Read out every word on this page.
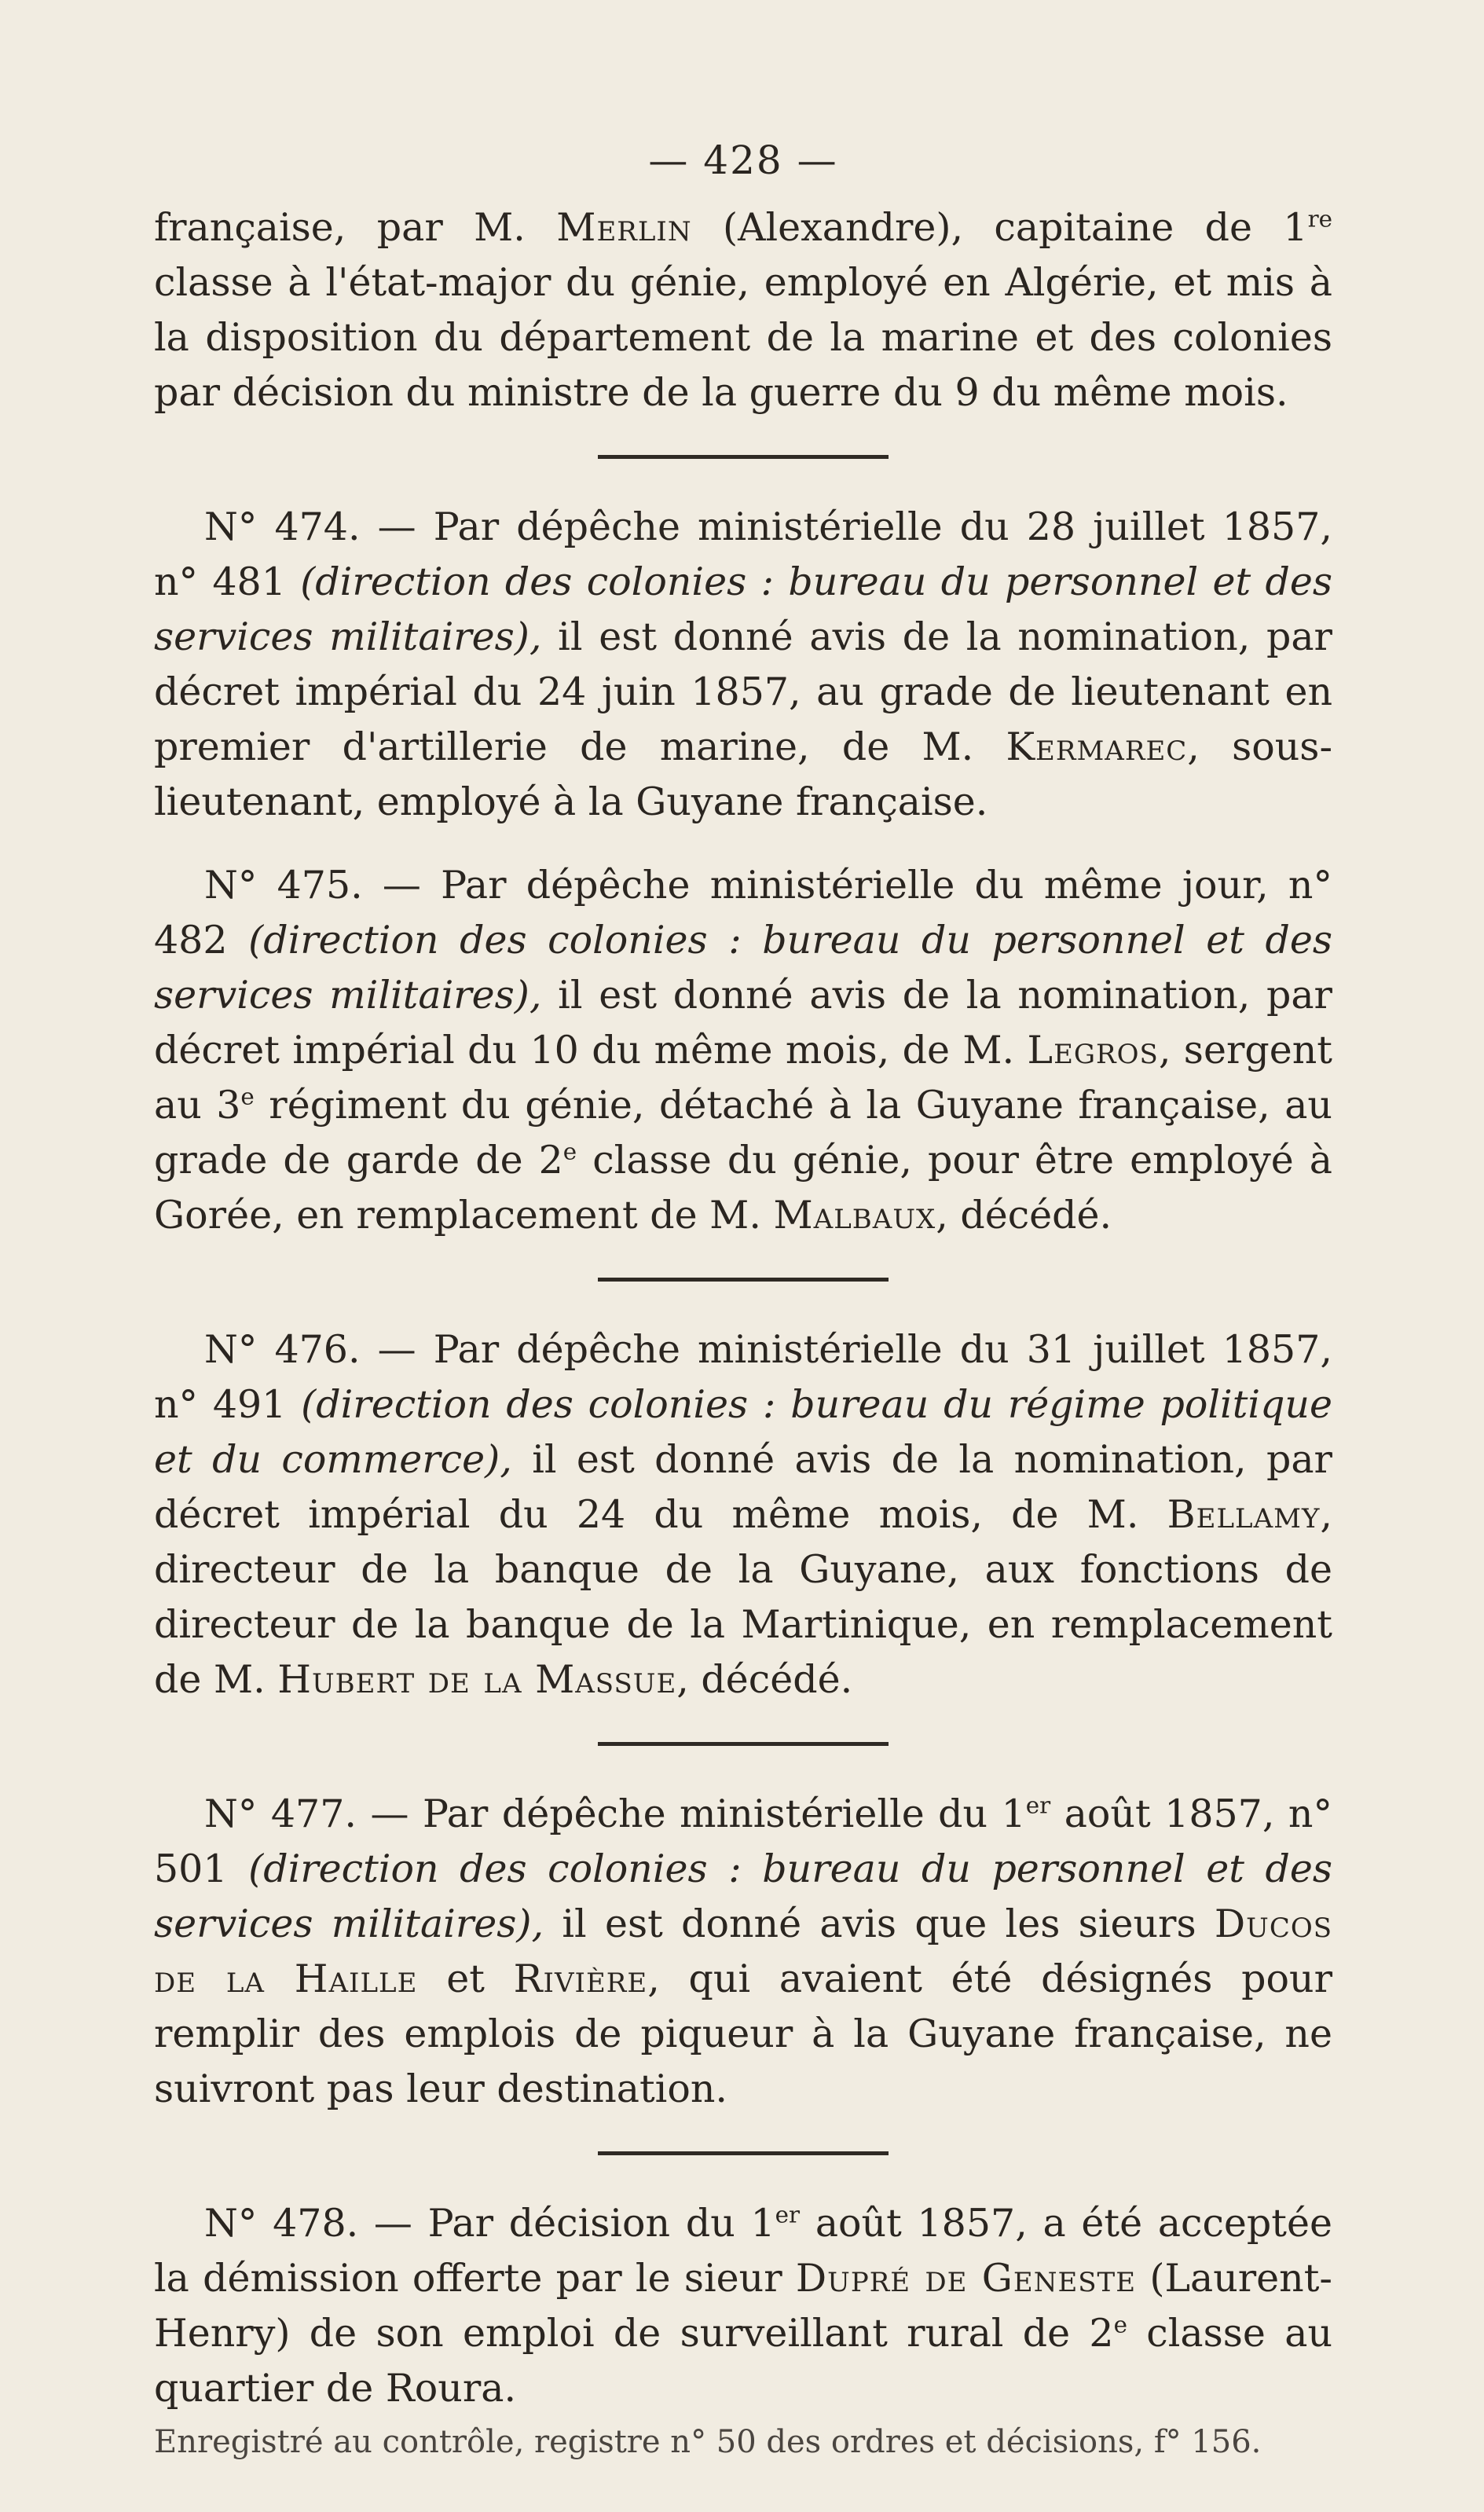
— 428 —

française, par M. Merlin (Alexandre), capitaine de 1re classe à l'état-major du génie, employé en Algérie, et mis à la disposition du département de la marine et des colonies par décision du ministre de la guerre du 9 du même mois.

N° 474. — Par dépêche ministérielle du 28 juillet 1857, n° 481 (direction des colonies : bureau du personnel et des services militaires), il est donné avis de la nomination, par décret impérial du 24 juin 1857, au grade de lieutenant en premier d'artillerie de marine, de M. Kermarec, sous-lieutenant, employé à la Guyane française.

N° 475. — Par dépêche ministérielle du même jour, n° 482 (direction des colonies : bureau du personnel et des services militaires), il est donné avis de la nomination, par décret impérial du 10 du même mois, de M. Legros, sergent au 3e régiment du génie, détaché à la Guyane française, au grade de garde de 2e classe du génie, pour être employé à Gorée, en remplacement de M. Malbaux, décédé.

N° 476. — Par dépêche ministérielle du 31 juillet 1857, n° 491 (direction des colonies : bureau du régime politique et du commerce), il est donné avis de la nomination, par décret impérial du 24 du même mois, de M. Bellamy, directeur de la banque de la Guyane, aux fonctions de directeur de la banque de la Martinique, en remplacement de M. Hubert de la Massue, décédé.

N° 477. — Par dépêche ministérielle du 1er août 1857, n° 501 (direction des colonies : bureau du personnel et des services militaires), il est donné avis que les sieurs Ducos de la Haille et Rivière, qui avaient été désignés pour remplir des emplois de piqueur à la Guyane française, ne suivront pas leur destination.

N° 478. — Par décision du 1er août 1857, a été acceptée la démission offerte par le sieur Dupré de Geneste (Laurent-Henry) de son emploi de surveillant rural de 2e classe au quartier de Roura.

Enregistré au contrôle, registre n° 50 des ordres et décisions, f° 156.
